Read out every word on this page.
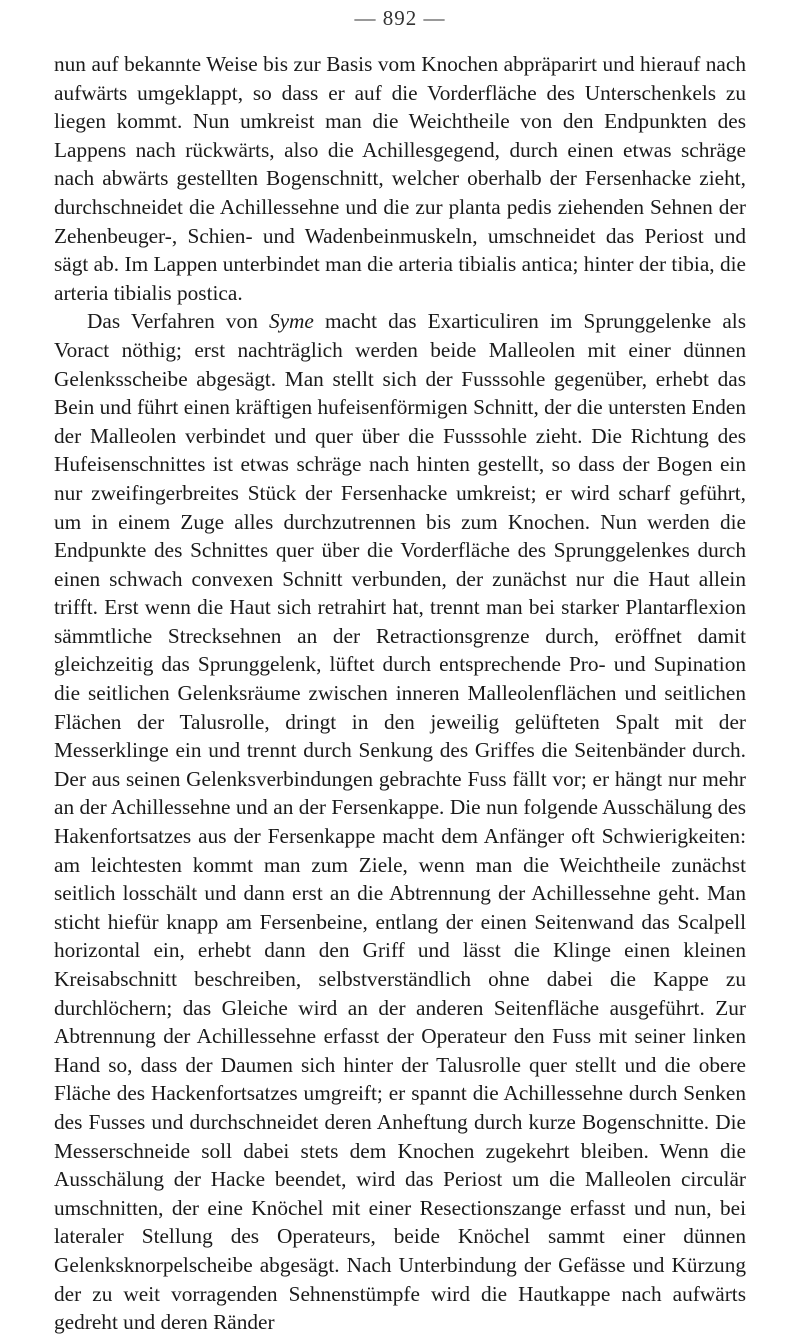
— 892 —

nun auf bekannte Weise bis zur Basis vom Knochen abpräparirt und hierauf nach aufwärts umgeklappt, so dass er auf die Vorderfläche des Unterschenkels zu liegen kommt. Nun umkreist man die Weichtheile von den Endpunkten des Lappens nach rückwärts, also die Achillesgegend, durch einen etwas schräge nach abwärts gestellten Bogenschnitt, welcher oberhalb der Fersenhacke zieht, durchschneidet die Achillessehne und die zur planta pedis ziehenden Sehnen der Zehenbeuger-, Schien- und Wadenbeinmuskeln, umschneidet das Periost und sägt ab. Im Lappen unterbindet man die arteria tibialis antica; hinter der tibia, die arteria tibialis postica.

Das Verfahren von Syme macht das Exarticuliren im Sprunggelenke als Voract nöthig; erst nachträglich werden beide Malleolen mit einer dünnen Gelenksscheibe abgesägt. Man stellt sich der Fusssohle gegenüber, erhebt das Bein und führt einen kräftigen hufeisenförmigen Schnitt, der die untersten Enden der Malleolen verbindet und quer über die Fusssohle zieht. Die Richtung des Hufeisenschnittes ist etwas schräge nach hinten gestellt, so dass der Bogen ein nur zweifingerbreites Stück der Fersenhacke umkreist; er wird scharf geführt, um in einem Zuge alles durchzutrennen bis zum Knochen. Nun werden die Endpunkte des Schnittes quer über die Vorderfläche des Sprunggelenkes durch einen schwach convexen Schnitt verbunden, der zunächst nur die Haut allein trifft. Erst wenn die Haut sich retrahirt hat, trennt man bei starker Plantarflexion sämmtliche Strecksehnen an der Retractionsgrenze durch, eröffnet damit gleichzeitig das Sprunggelenk, lüftet durch entsprechende Pro- und Supination die seitlichen Gelenksräume zwischen inneren Malleolenflächen und seitlichen Flächen der Talusrolle, dringt in den jeweilig gelüfteten Spalt mit der Messerklinge ein und trennt durch Senkung des Griffes die Seitenbänder durch. Der aus seinen Gelenksverbindungen gebrachte Fuss fällt vor; er hängt nur mehr an der Achillessehne und an der Fersenkappe. Die nun folgende Ausschälung des Hakenfortsatzes aus der Fersenkappe macht dem Anfänger oft Schwierigkeiten: am leichtesten kommt man zum Ziele, wenn man die Weichtheile zunächst seitlich losschält und dann erst an die Abtrennung der Achillessehne geht. Man sticht hiefür knapp am Fersenbeine, entlang der einen Seitenwand das Scalpell horizontal ein, erhebt dann den Griff und lässt die Klinge einen kleinen Kreisabschnitt beschreiben, selbstverständlich ohne dabei die Kappe zu durchlöchern; das Gleiche wird an der anderen Seitenfläche ausgeführt. Zur Abtrennung der Achillessehne erfasst der Operateur den Fuss mit seiner linken Hand so, dass der Daumen sich hinter der Talusrolle quer stellt und die obere Fläche des Hackenfortsatzes umgreift; er spannt die Achillessehne durch Senken des Fusses und durchschneidet deren Anheftung durch kurze Bogenschnitte. Die Messerschneide soll dabei stets dem Knochen zugekehrt bleiben. Wenn die Ausschälung der Hacke beendet, wird das Periost um die Malleolen circulär umschnitten, der eine Knöchel mit einer Resectionszange erfasst und nun, bei lateraler Stellung des Operateurs, beide Knöchel sammt einer dünnen Gelenksknorpelscheibe abgesägt. Nach Unterbindung der Gefässe und Kürzung der zu weit vorragenden Sehnenstümpfe wird die Hautkappe nach aufwärts gedreht und deren Ränder
